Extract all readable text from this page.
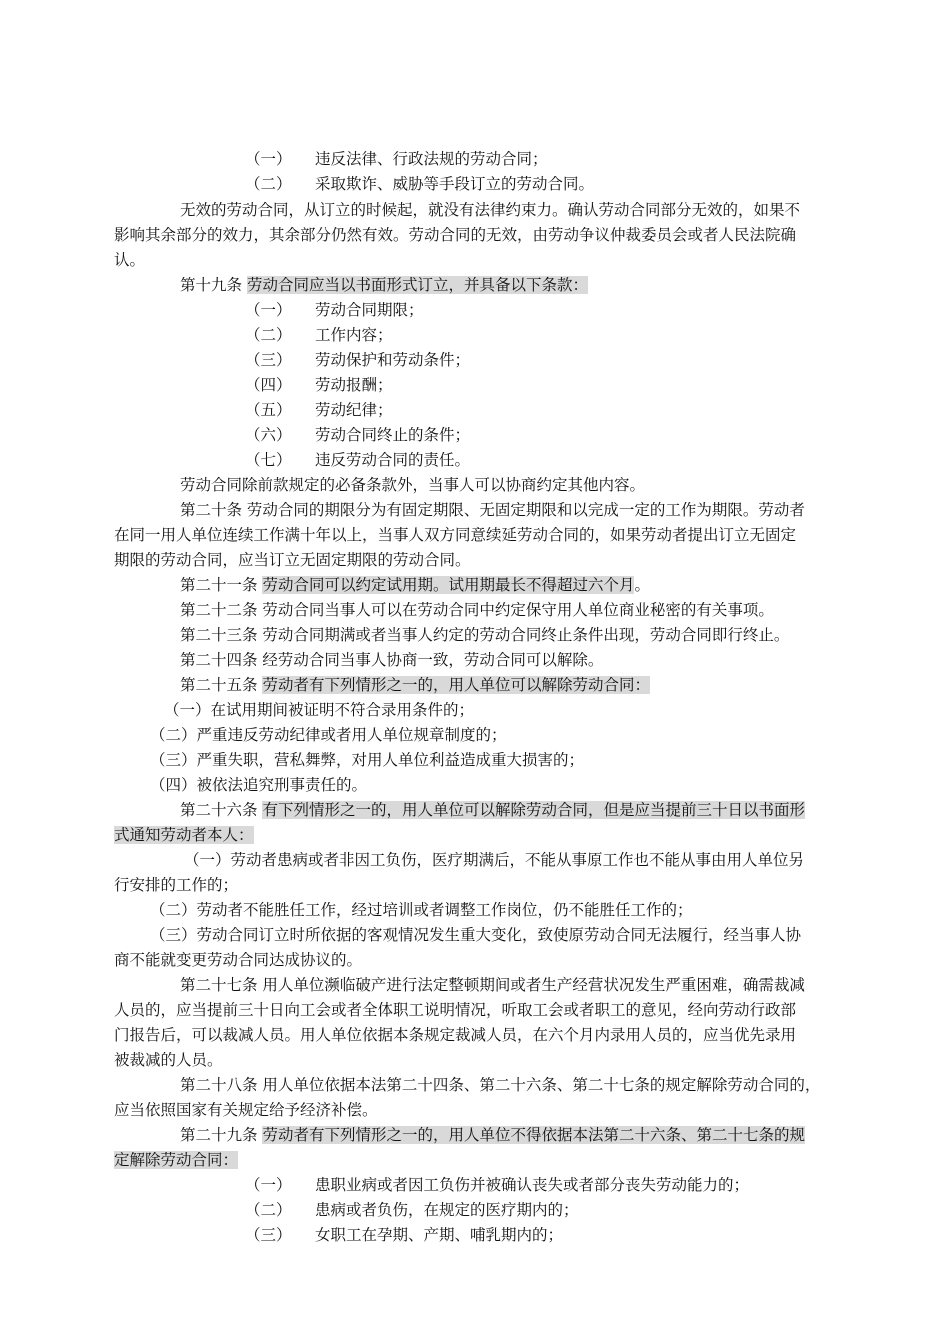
（一） 违反法律、行政法规的劳动合同；
（二） 采取欺诈、威胁等手段订立的劳动合同。
无效的劳动合同，从订立的时候起，就没有法律约束力。确认劳动合同部分无效的，如果不
影响其余部分的效力，其余部分仍然有效。劳动合同的无效，由劳动争议仲裁委员会或者人民法院确
认。
第十九条 劳动合同应当以书面形式订立，并具备以下条款：
（一） 劳动合同期限；
（二） 工作内容；
（三） 劳动保护和劳动条件；
（四） 劳动报酬；
（五） 劳动纪律；
（六） 劳动合同终止的条件；
（七） 违反劳动合同的责任。
劳动合同除前款规定的必备条款外，当事人可以协商约定其他内容。
第二十条 劳动合同的期限分为有固定期限、无固定期限和以完成一定的工作为期限。劳动者
在同一用人单位连续工作满十年以上，当事人双方同意续延劳动合同的，如果劳动者提出订立无固定
期限的劳动合同，应当订立无固定期限的劳动合同。
第二十一条 劳动合同可以约定试用期。试用期最长不得超过六个月。
第二十二条 劳动合同当事人可以在劳动合同中约定保守用人单位商业秘密的有关事项。
第二十三条 劳动合同期满或者当事人约定的劳动合同终止条件出现，劳动合同即行终止。
第二十四条 经劳动合同当事人协商一致，劳动合同可以解除。
第二十五条 劳动者有下列情形之一的，用人单位可以解除劳动合同：
（一）在试用期间被证明不符合录用条件的；
（二）严重违反劳动纪律或者用人单位规章制度的；
（三）严重失职，营私舞弊，对用人单位利益造成重大损害的；
（四）被依法追究刑事责任的。
第二十六条 有下列情形之一的，用人单位可以解除劳动合同，但是应当提前三十日以书面形
式通知劳动者本人：
（一）劳动者患病或者非因工负伤，医疗期满后，不能从事原工作也不能从事由用人单位另
行安排的工作的；
（二）劳动者不能胜任工作，经过培训或者调整工作岗位，仍不能胜任工作的；
（三）劳动合同订立时所依据的客观情况发生重大变化，致使原劳动合同无法履行，经当事人协
商不能就变更劳动合同达成协议的。
第二十七条 用人单位濒临破产进行法定整顿期间或者生产经营状况发生严重困难，确需裁减
人员的，应当提前三十日向工会或者全体职工说明情况，听取工会或者职工的意见，经向劳动行政部
门报告后，可以裁减人员。用人单位依据本条规定裁减人员，在六个月内录用人员的，应当优先录用
被裁减的人员。
第二十八条 用人单位依据本法第二十四条、第二十六条、第二十七条的规定解除劳动合同的，
应当依照国家有关规定给予经济补偿。
第二十九条 劳动者有下列情形之一的，用人单位不得依据本法第二十六条、第二十七条的规
定解除劳动合同：
（一） 患职业病或者因工负伤并被确认丧失或者部分丧失劳动能力的；
（二） 患病或者负伤，在规定的医疗期内的；
（三） 女职工在孕期、产期、哺乳期内的；
